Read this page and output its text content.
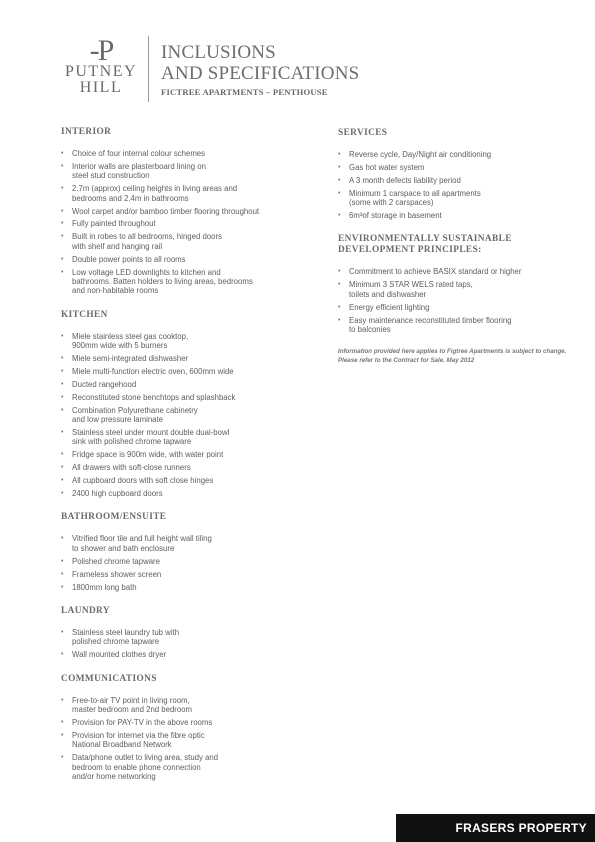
-P
PUTNEY
HILL
INCLUSIONS
AND SPECIFICATIONS
FICTREE APARTMENTS – PENTHOUSE
INTERIOR
• Choice of four internal colour schemes
• Interior walls are plasterboard lining on
steel stud construction
• 2.7m (approx) ceiling heights in living areas and
bedrooms and 2.4m in bathrooms
• Wool carpet and/or bamboo timber flooring throughout
• Fully painted throughout
• Built in robes to all bedrooms, hinged doors
with shelf and hanging rail
• Double power points to all rooms
• Low voltage LED downlights to kitchen and
bathrooms. Batten holders to living areas, bedrooms
and non-habitable rooms
KITCHEN
• Miele stainless steel gas cooktop,
900mm wide with 5 burners
• Miele semi-integrated dishwasher
• Miele multi-function electric oven, 600mm wide
• Ducted rangehood
• Reconstituted stone benchtops and splashback
• Combination Polyurethane cabinetry
and low pressure laminate
• Stainless steel under mount double dual-bowl
sink with polished chrome tapware
• Fridge space is 900m wide, with water point
• All drawers with soft-close runners
• All cupboard doors with soft close hinges
• 2400 high cupboard doors
BATHROOM/ENSUITE
• Vitrified floor tile and full height wall tiling
to shower and bath enclosure
• Polished chrome tapware
• Frameless shower screen
• 1800mm long bath
LAUNDRY
• Stainless steel laundry tub with
polished chrome tapware
• Wall mounted clothes dryer
COMMUNICATIONS
• Free-to-air TV point in living room,
master bedroom and 2nd bedroom
• Provision for PAY-TV in the above rooms
• Provision for internet via the fibre optic
National Broadband Network
• Data/phone outlet to living area, study and
bedroom to enable phone connection
and/or home networking
SERVICES
• Reverse cycle, Day/Night air conditioning
• Gas hot water system
• A 3 month defects liability period
• Minimum 1 carspace to all apartments
(some with 2 carspaces)
• 6m³of storage in basement
ENVIRONMENTALLY SUSTAINABLE
DEVELOPMENT PRINCIPLES:
• Commitment to achieve BASIX standard or higher
• Minimum 3 STAR WELS rated taps,
toilets and dishwasher
• Energy efficient lighting
• Easy maintenance reconstituted timber flooring
to balconies
Information provided here applies to Figtree Apartments is subject to change. Please refer to the Contract for Sale. May 2012
FRASERS PROPERTY
